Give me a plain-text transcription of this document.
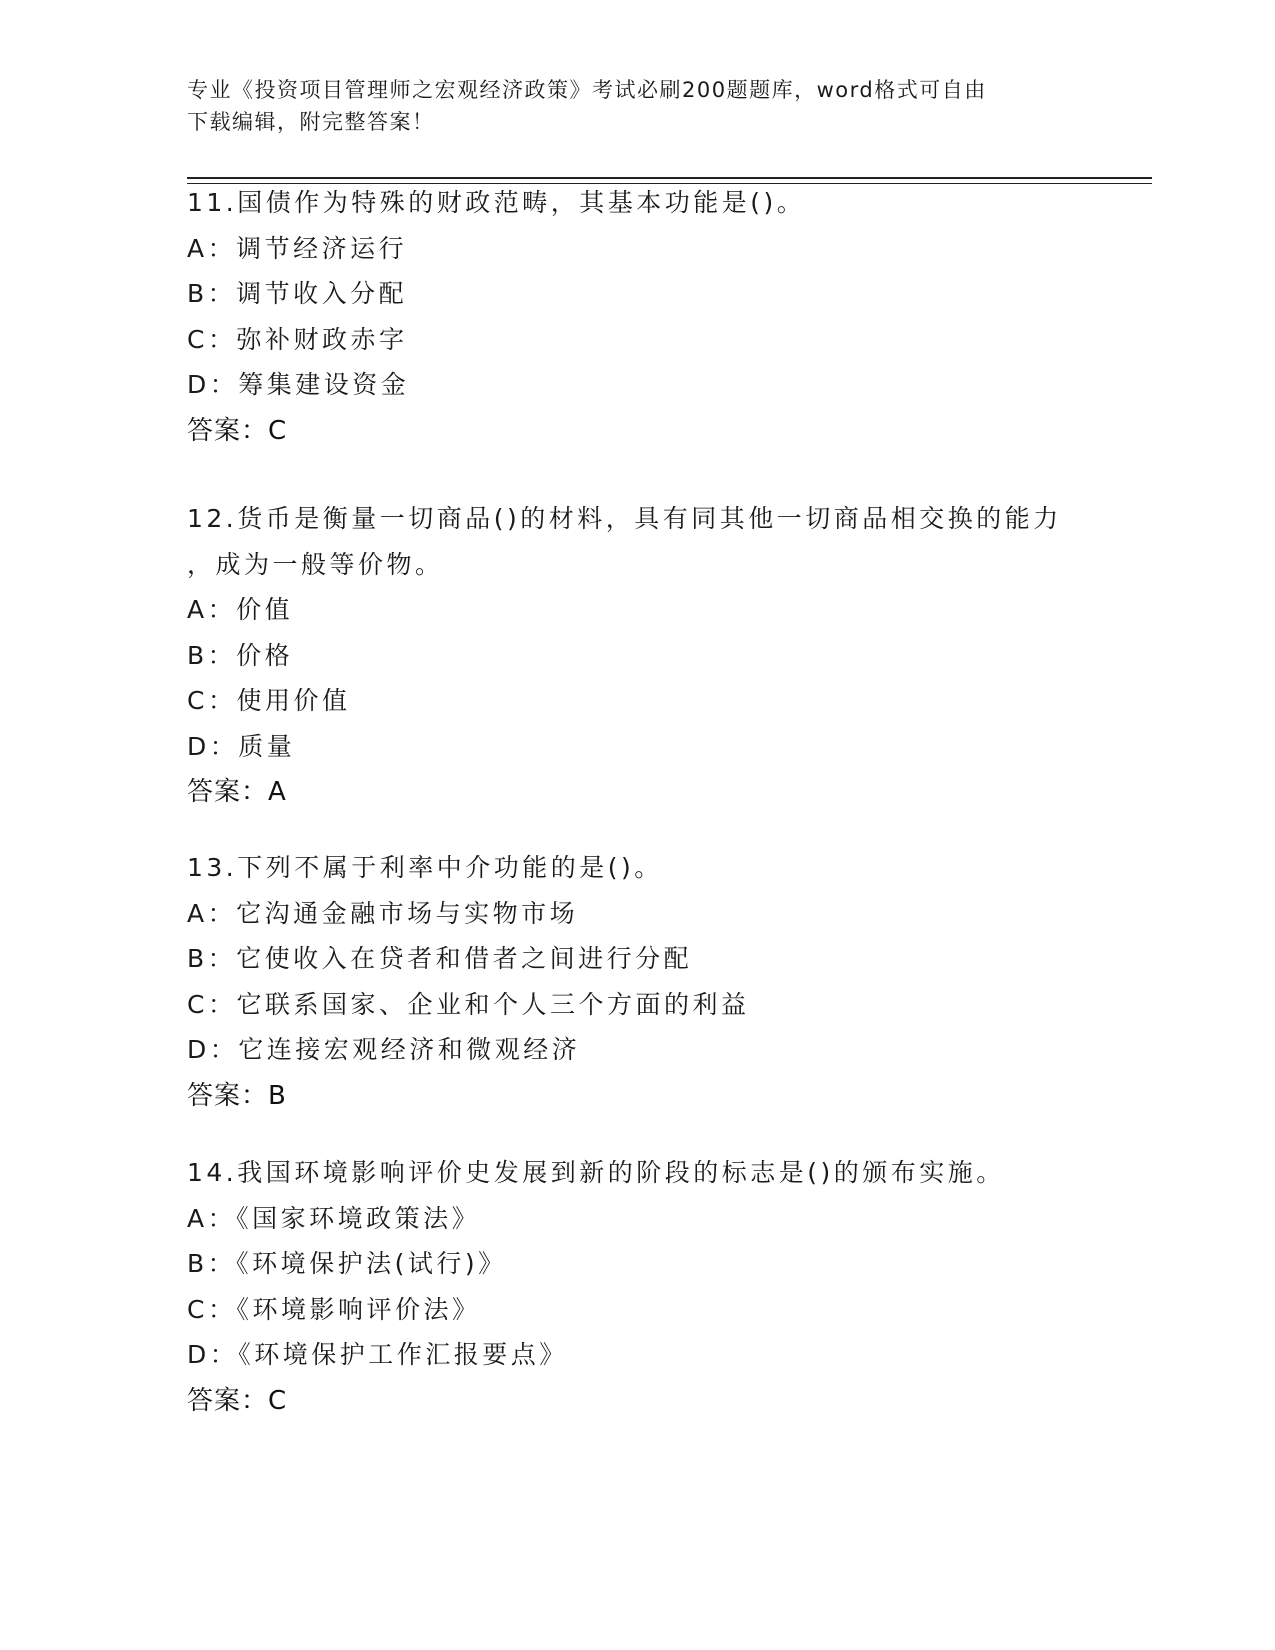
专业《投资项目管理师之宏观经济政策》考试必刷200题题库，word格式可自由
下载编辑，附完整答案！
11.国债作为特殊的财政范畴，其基本功能是()。
A：调节经济运行
B：调节收入分配
C：弥补财政赤字
D：筹集建设资金
答案：C
12.货币是衡量一切商品()的材料，具有同其他一切商品相交换的能力
，成为一般等价物。
A：价值
B：价格
C：使用价值
D：质量
答案：A
13.下列不属于利率中介功能的是()。
A：它沟通金融市场与实物市场
B：它使收入在贷者和借者之间进行分配
C：它联系国家、企业和个人三个方面的利益
D：它连接宏观经济和微观经济
答案：B
14.我国环境影响评价史发展到新的阶段的标志是()的颁布实施。
A：《国家环境政策法》
B：《环境保护法(试行)》
C：《环境影响评价法》
D：《环境保护工作汇报要点》
答案：C
